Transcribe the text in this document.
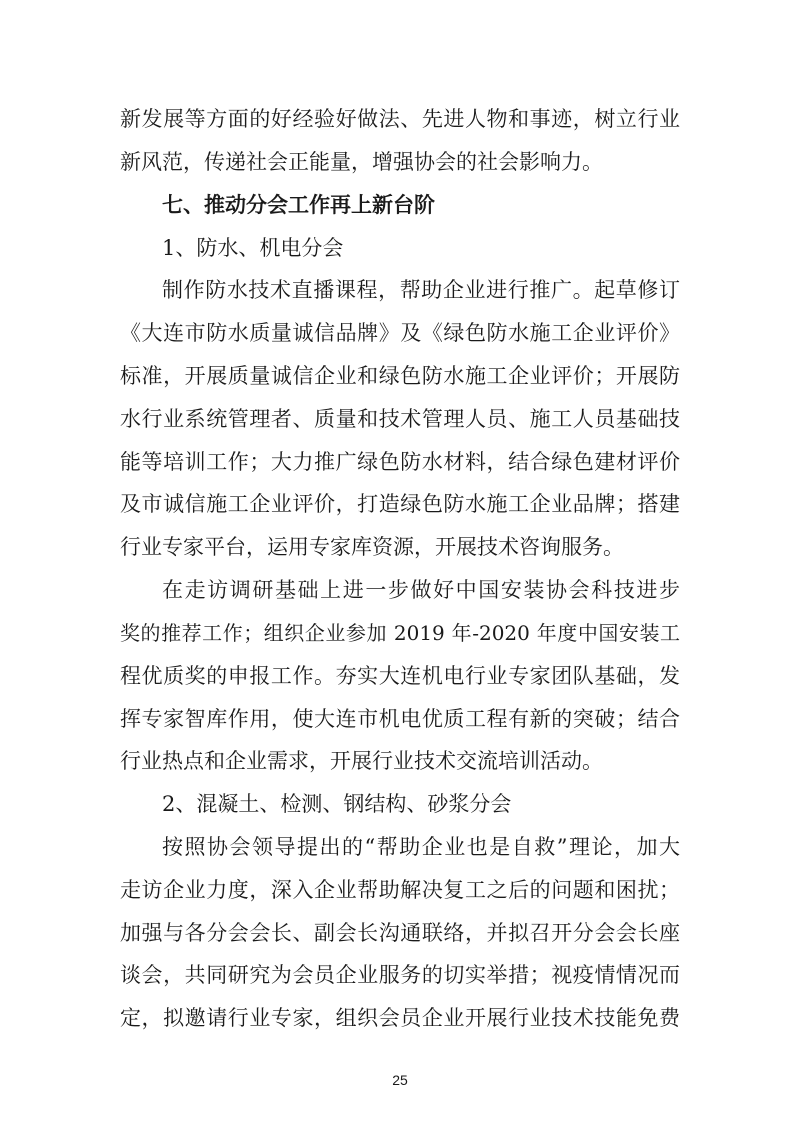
新发展等方面的好经验好做法、先进人物和事迹，树立行业
新风范，传递社会正能量，增强协会的社会影响力。
七、推动分会工作再上新台阶
1、防水、机电分会
制作防水技术直播课程，帮助企业进行推广。起草修订
《大连市防水质量诚信品牌》及《绿色防水施工企业评价》
标准，开展质量诚信企业和绿色防水施工企业评价；开展防
水行业系统管理者、质量和技术管理人员、施工人员基础技
能等培训工作；大力推广绿色防水材料，结合绿色建材评价
及市诚信施工企业评价，打造绿色防水施工企业品牌；搭建
行业专家平台，运用专家库资源，开展技术咨询服务。
在走访调研基础上进一步做好中国安装协会科技进步
奖的推荐工作；组织企业参加 2019 年-2020 年度中国安装工
程优质奖的申报工作。夯实大连机电行业专家团队基础，发
挥专家智库作用，使大连市机电优质工程有新的突破；结合
行业热点和企业需求，开展行业技术交流培训活动。
2、混凝土、检测、钢结构、砂浆分会
按照协会领导提出的“帮助企业也是自救”理论，加大
走访企业力度，深入企业帮助解决复工之后的问题和困扰；
加强与各分会会长、副会长沟通联络，并拟召开分会会长座
25
谈会，共同研究为会员企业服务的切实举措；视疫情情况而
定，拟邀请行业专家，组织会员企业开展行业技术技能免费
